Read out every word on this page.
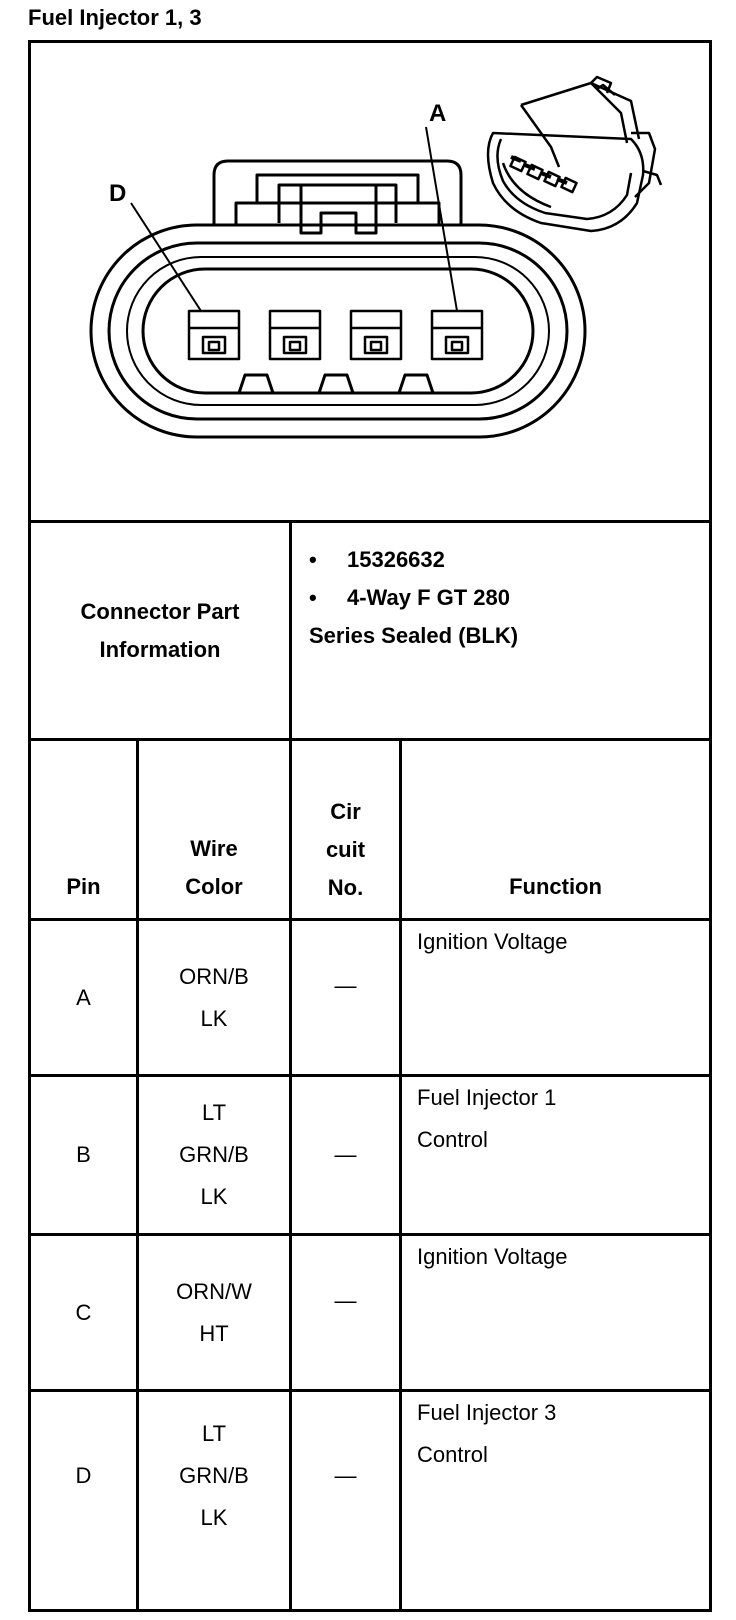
Fuel Injector 1, 3
A
D
Connector Part
Information
• 15326632
• 4-Way F GT 280
Series Sealed (BLK)
Pin
Wire
Color
Cir
cuit
No.	Function
A
ORN/B
LK
—
Ignition Voltage
B
LT
GRN/B
LK
—
Fuel Injector 1
Control
C
ORN/W
HT
—
Ignition Voltage
D
LT
GRN/B
LK
—
Fuel Injector 3
Control
